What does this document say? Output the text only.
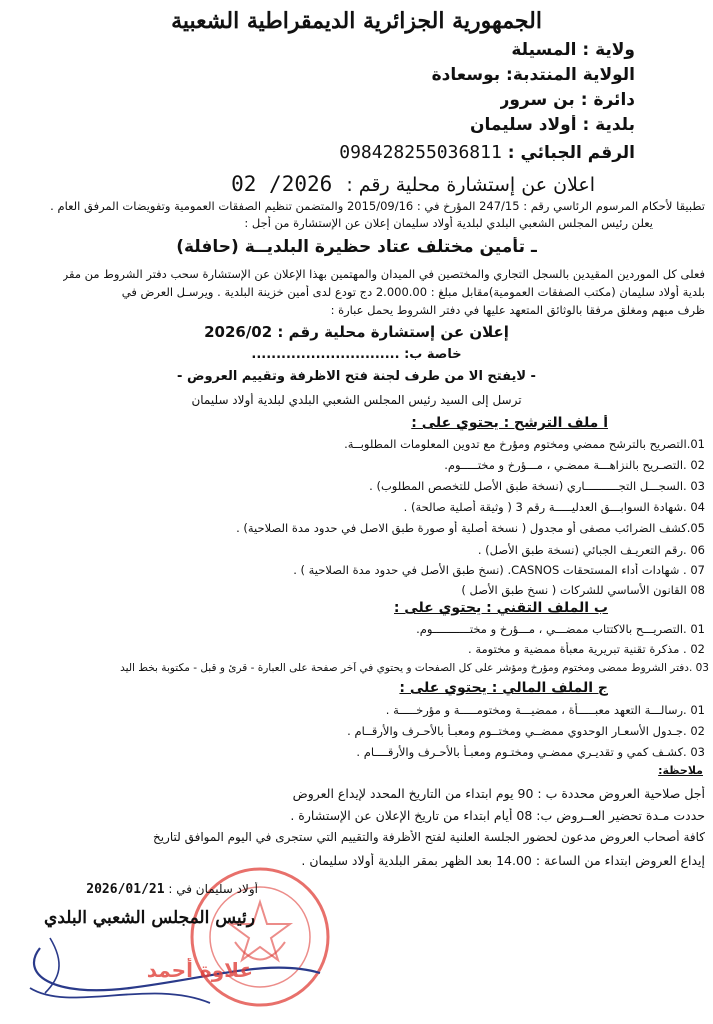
الجمهورية الجزائرية الديمقراطية الشعبية
ولاية : المسيلة
الولاية المنتدبة: بوسعادة
دائرة : بن سرور
بلدية : أولاد سليمان
الرقم الجبائي : 098428255036811
اعلان عن إستشارة محلية رقم : 2026/ 02
تطبيقا لأحكام المرسوم الرئاسي رقم : 247/15 المؤرخ في : 2015/09/16 والمتضمن تنظيم الصفقات العمومية وتفويضات المرفق العام .
يعلن رئيس المجلس الشعبي البلدي لبلدية أولاد سليمان إعلان عن الإستشارة من أجل :
ـ تأمين مختلف عتاد حظيرة البلديــة (حافلة)
فعلى كل الموردين المقيدين بالسجل التجاري والمختصين في الميدان والمهتمين بهذا الإعلان عن الإستشارة سحب دفتر الشروط من مقر
بلدية أولاد سليمان (مكتب الصفقات العمومية)مقابل مبلغ : 2.000.00 دج تودع لدى أمين خزينة البلدية . ويرسـل العرض في
ظرف مبهم ومغلق مرفقا بالوثائق المتعهد عليها في دفتر الشروط يحمل عبارة :
إعلان عن إستشارة محلية رقم : 2026/02
خاصة ب: ..............................
- لايفتح الا من طرف لجنة فتح الاظرفة وتقييم العروض -
ترسل إلى السيد رئيس المجلس الشعبي البلدي لبلدية أولاد سليمان
أ ملف الترشح : يحتوي على :
01.التصريح بالترشح ممضي ومختوم ومؤرخ مع تدوين المعلومات المطلوبــة.
02 .التصـريح بالنزاهـــة ممضـي ، مـــؤرخ و مختـــــوم.
03 .السجـــل التجــــــــــاري (نسخة طبق الأصل للتخصص المطلوب) .
04 .شهادة السوابـــق العدليـــــة رقم 3 ( وثيقة أصلية صالحة) .
05.كشف الضرائب مصفى أو مجدول ( نسخة أصلية أو صورة طبق الاصل في حدود مدة الصلاحية) .
06 .رقم التعريـف الجبائي (نسخة طبق الأصل) .
07 . شهادات أداء المستحقات CASNOS. (نسخ طبق الأصل في حدود مدة الصلاحية ) .
08 القانون الأساسي للشركات ( نسخ طبق الأصل )
ب الملف التقني : يحتوي على :
01 .التصريـــح بالاكتتاب ممضـــي ، مـــؤرخ و مختـــــــــــوم.
02 . مذكرة تقنية تبريرية معبأة ممضية و مختومة .
03 .دفتر الشروط ممضى ومختوم ومؤرخ ومؤشر على كل الصفحات و يحتوي في آخر صفحة على العبارة - قرئ و قبل - مكتوبة بخط اليد
ج الملف المالي : يحتوي على :
01 .رسالـــة التعهد معبـــــأة ، ممضيـــة ومختومـــــة و مؤرخـــــة .
02 .جـدول الأسعـار الوحدوي ممضــي ومختــوم ومعبـأ بالأحـرف والأرقــام .
03 .كشـف كمي و تقديـري ممضـي ومختـوم ومعبـأ بالأحـرف والأرقــــام .
ملاحظة:
أجل صلاحية العروض محددة ب : 90 يوم ابتداء من التاريخ المحدد لإيداع العروض
حددت مـدة تحضير العــروض ب: 08 أيام ابتداء من تاريخ الإعلان عن الإستشارة .
كافة أصحاب العروض مدعون لحضور الجلسة العلنية لفتح الأظرفة والتقييم التي ستجرى في اليوم الموافق لتاريخ
إيداع العروض ابتداء من الساعة : 14.00 بعد الظهر بمقر البلدية أولاد سليمان .
أولاد سليمان في : 2026/01/21
رئيس المجلس الشعبي البلدي
علاوة أحمد
